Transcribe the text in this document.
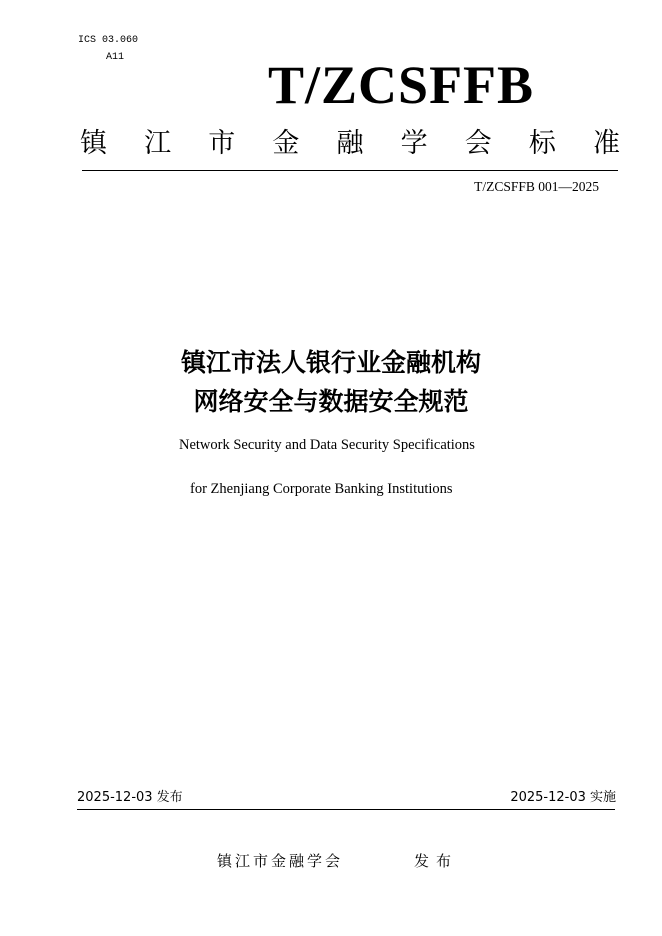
ICS 03.060
A11	T/ZCSFFB
镇 江 市 金 融 学 会 标 准
T/ZCSFFB 001—2025
镇江市法人银行业金融机构
网络安全与数据安全规范
Network Security and Data Security Specifications
for Zhenjiang Corporate Banking Institutions
2025-12-03 发布	2025-12-03 实施
镇江市金融学会	发布
